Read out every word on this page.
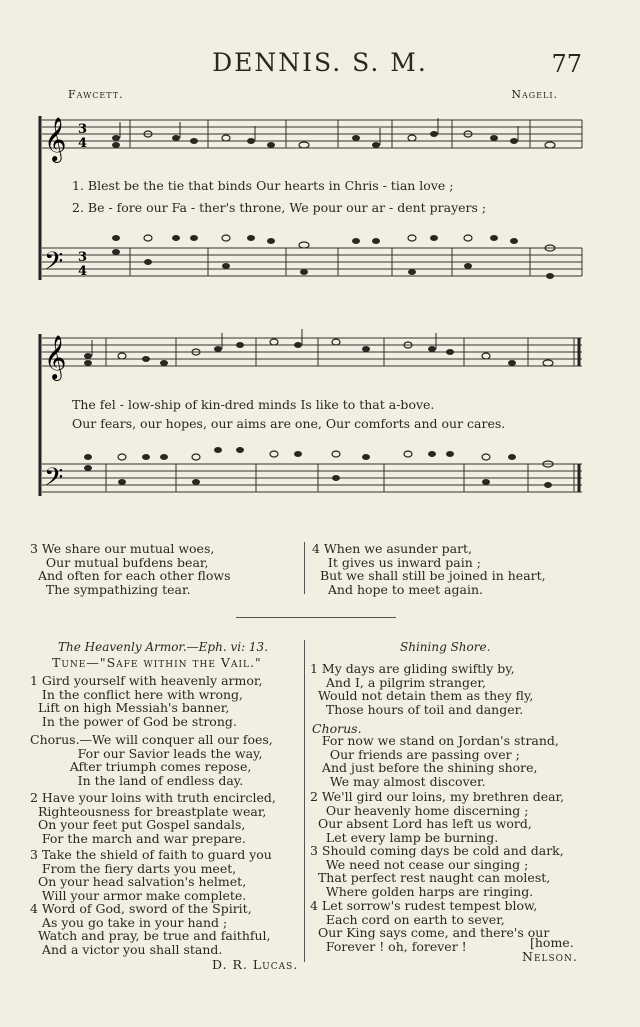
DENNIS. S. M.	77
Fawcett.	Nageli.
𝄞
𝄢
3
4
3
4
1. Blest be the tie that binds Our hearts in Chris - tian love ;
2. Be - fore our Fa - ther's throne, We pour our ar - dent prayers ;
𝄞
𝄢
The fel - low-ship of kin-dred minds Is like to that a-bove.
Our fears, our hopes, our aims are one, Our comforts and our cares.
3 We share our mutual woes,
Our mutual bufdens bear,
And often for each other flows
The sympathizing tear.
4 When we asunder part,
It gives us inward pain ;
But we shall still be joined in heart,
And hope to meet again.
The Heavenly Armor.—Eph. vi: 13.
Tune—"Safe within the Vail."
1 Gird yourself with heavenly armor,
In the conflict here with wrong,
Lift on high Messiah's banner,
In the power of God be strong.
Chorus.—We will conquer all our foes,
For our Savior leads the way,
After triumph comes repose,
In the land of endless day.
2 Have your loins with truth encircled,
Righteousness for breastplate wear,
On your feet put Gospel sandals,
For the march and war prepare.
3 Take the shield of faith to guard you
From the fiery darts you meet,
On your head salvation's helmet,
Will your armor make complete.
4 Word of God, sword of the Spirit,
As you go take in your hand ;
Watch and pray, be true and faithful,
And a victor you shall stand.
D. R. Lucas.
Shining Shore.
1 My days are gliding swiftly by,
And I, a pilgrim stranger,
Would not detain them as they fly,
Those hours of toil and danger.
Chorus.
For now we stand on Jordan's strand,
Our friends are passing over ;
And just before the shining shore,
We may almost discover.
2 We'll gird our loins, my brethren dear,
Our heavenly home discerning ;
Our absent Lord has left us word,
Let every lamp be burning.
3 Should coming days be cold and dark,
We need not cease our singing ;
That perfect rest naught can molest,
Where golden harps are ringing.
4 Let sorrow's rudest tempest blow,
Each cord on earth to sever,
Our King says come, and there's our
Forever ! oh, forever !	[home.
Nelson.
